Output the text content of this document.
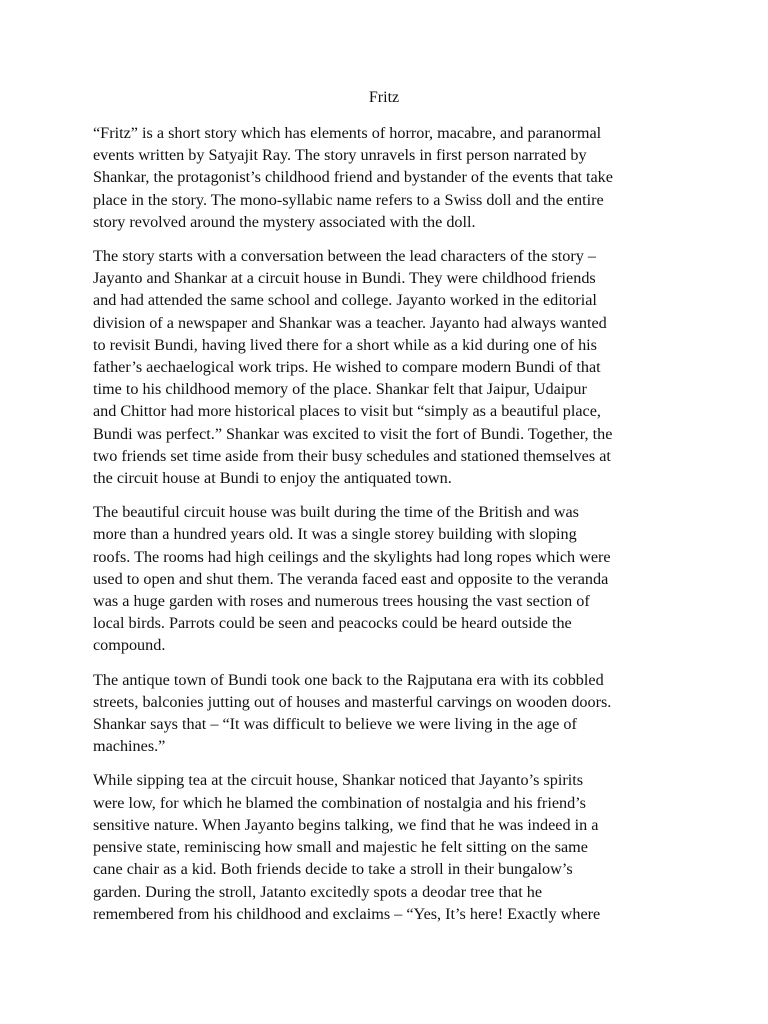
Fritz
“Fritz” is a short story which has elements of horror, macabre, and paranormal
events written by Satyajit Ray. The story unravels in first person narrated by
Shankar, the protagonist’s childhood friend and bystander of the events that take
place in the story. The mono-syllabic name refers to a Swiss doll and the entire
story revolved around the mystery associated with the doll.
The story starts with a conversation between the lead characters of the story –
Jayanto and Shankar at a circuit house in Bundi. They were childhood friends
and had attended the same school and college. Jayanto worked in the editorial
division of a newspaper and Shankar was a teacher. Jayanto had always wanted
to revisit Bundi, having lived there for a short while as a kid during one of his
father’s aechaelogical work trips. He wished to compare modern Bundi of that
time to his childhood memory of the place. Shankar felt that Jaipur, Udaipur
and Chittor had more historical places to visit but “simply as a beautiful place,
Bundi was perfect.” Shankar was excited to visit the fort of Bundi. Together, the
two friends set time aside from their busy schedules and stationed themselves at
the circuit house at Bundi to enjoy the antiquated town.
The beautiful circuit house was built during the time of the British and was
more than a hundred years old. It was a single storey building with sloping
roofs. The rooms had high ceilings and the skylights had long ropes which were
used to open and shut them. The veranda faced east and opposite to the veranda
was a huge garden with roses and numerous trees housing the vast section of
local birds. Parrots could be seen and peacocks could be heard outside the
compound.
The antique town of Bundi took one back to the Rajputana era with its cobbled
streets, balconies jutting out of houses and masterful carvings on wooden doors.
Shankar says that – “It was difficult to believe we were living in the age of
machines.”
While sipping tea at the circuit house, Shankar noticed that Jayanto’s spirits
were low, for which he blamed the combination of nostalgia and his friend’s
sensitive nature. When Jayanto begins talking, we find that he was indeed in a
pensive state, reminiscing how small and majestic he felt sitting on the same
cane chair as a kid. Both friends decide to take a stroll in their bungalow’s
garden. During the stroll, Jatanto excitedly spots a deodar tree that he
remembered from his childhood and exclaims – “Yes, It’s here! Exactly where
